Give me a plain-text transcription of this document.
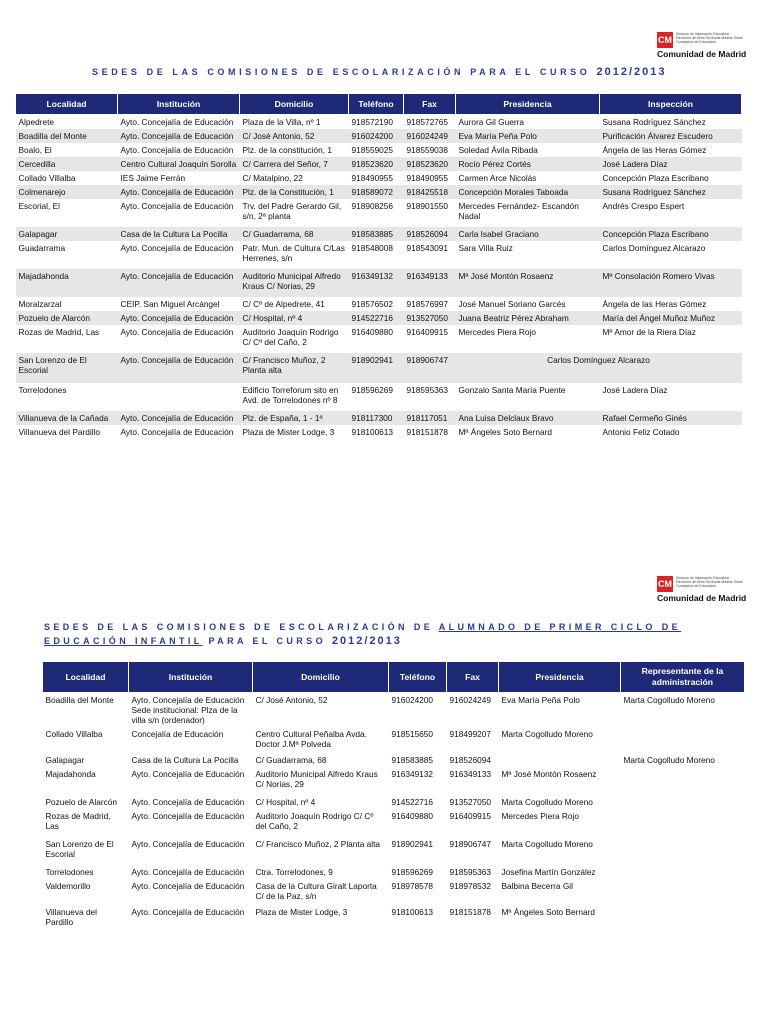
CM
Servicio de Inspección Educativa
Dirección de Área Territorial Madrid-Oeste
Consejería de Educación
Comunidad de Madrid
SEDES DE LAS COMISIONES DE ESCOLARIZACIÓN PARA EL CURSO 2012/2013
Localidad	Institución	Domicilio	Teléfono	Fax	Presidencia	Inspección
Alpedrete	Ayto. Concejalía de Educación	Plaza de la Villa, nº 1	918572190	918572765	Aurora Gil Guerra	Susana Rodríguez Sánchez
Boadilla del Monte	Ayto. Concejalía de Educación	C/ José Antonio, 52	916024200	916024249	Eva María Peña Polo	Purificación Álvarez Escudero
Boalo, El	Ayto. Concejalía de Educación	Plz. de la constitución, 1	918559025	918559038	Soledad Ávila Ribada	Ángela de las Heras Gómez
Cercedilla	Centro Cultural Joaquín Sorolla	C/ Carrera del Señor, 7	918523620	918523620	Rocío Pérez Cortés	José Ladera Díaz
Collado Villalba	IES Jaime Ferrán	C/ Matalpino, 22	918490955	918490955	Carmen Arce Nicolás	Concepción Plaza Escribano
Colmenarejo	Ayto. Concejalía de Educación	Plz. de la Constitución, 1	918589072	918425518	Concepción Morales Taboada	Susana Rodríguez Sánchez
Escorial, El	Ayto. Concejalía de Educación	Trv. del Padre Gerardo Gil, s/n, 2ª planta	918908256	918901550	Mercedes Fernández- Escandón Nadal	Andrés Crespo Espert
Galapagar	Casa de la Cultura La Pocilla	C/ Guadarrama, 68	918583885	918526094	Carla Isabel Graciano	Concepción Plaza Escribano
Guadarrama	Ayto. Concejalía de Educación	Patr. Mun. de Cultura C/Las Herrenes, s/n	918548008	918543091	Sara Villa Ruiz	Carlos Domínguez Alcarazo
Majadahonda	Ayto. Concejalía de Educación	Auditorio Municipal Alfredo Kraus C/ Norias, 29	916349132	916349133	Mª José Montón Rosaenz	Mª Consolación Romero Vivas
Moralzarzal	CEIP. San Miguel Arcángel	C/ Cº de Alpedrete, 41	918576502	918576997	José Manuel Soriano Garcés	Ángela de las Heras Gómez
Pozuelo de Alarcón	Ayto. Concejalía de Educación	C/ Hospital, nº 4	914522716	913527050	Juana Beatriz Pérez Abraham	María del Ángel Muñoz Muñoz
Rozas de Madrid, Las	Ayto. Concejalía de Educación	Auditorio Joaquín Rodrigo C/ Cº del Caño, 2	916409880	916409915	Mercedes Piera Rojo	Mª Amor de la Riera Díaz
San Lorenzo de El Escorial	Ayto. Concejalía de Educación	C/ Francisco Muñoz, 2 Planta alta	918902941	918906747	Carlos Domínguez Alcarazo	
Torrelodones		Edificio Torreforum sito en Avd. de Torrelodones nº 8	918596269	918595363	Gonzalo Santa María Puente	José Ladera Díaz
Villanueva de la Cañada	Ayto. Concejalía de Educación	Plz. de España, 1 - 1ª	918117300	918117051	Ana Luisa Delclaux Bravo	Rafael Cermeño Ginés
Villanueva del Pardillo	Ayto. Concejalía de Educación	Plaza de Mister Lodge, 3	918100613	918151878	Mª Ángeles Soto Bernard	Antonio Feliz Cotado
CM
Servicio de Inspección Educativa
Dirección de Área Territorial Madrid-Oeste
Consejería de Educación
Comunidad de Madrid
SEDES DE LAS COMISIONES DE ESCOLARIZACIÓN DE ALUMNADO DE PRIMER CICLO DE EDUCACIÓN INFANTIL PARA EL CURSO 2012/2013
Localidad	Institución	Domicilio	Teléfono	Fax	Presidencia	Representante de la administración
Boadilla del Monte	Ayto. Concejalía de Educación Sede institucional: Plza de la villa s/n (ordenador)	C/ José Antonio, 52	916024200	916024249	Eva María Peña Polo	Marta Cogolludo Moreno
Collado Villalba	Concejalía de Educación	Centro Cultural Peñalba Avda. Doctor J.Mª Polveda	918515650	918499207	Marta Cogolludo Moreno	
Galapagar	Casa de la Cultura La Pocilla	C/ Guadarrama, 68	918583885	918526094		Marta Cogolludo Moreno
Majadahonda	Ayto. Concejalía de Educación	Auditorio Municipal Alfredo Kraus C/ Norias, 29	916349132	916349133	Mª José Montón Rosaenz	
Pozuelo de Alarcón	Ayto. Concejalía de Educación	C/ Hospital, nº 4	914522716	913527050	Marta Cogolludo Moreno	
Rozas de Madrid, Las	Ayto. Concejalía de Educación	Auditorio Joaquín Rodrigo C/ Cº del Caño, 2	916409880	916409915	Mercedes Piera Rojo	
San Lorenzo de El Escorial	Ayto. Concejalía de Educación	C/ Francisco Muñoz, 2 Planta alta	918902941	918906747	Marta Cogolludo Moreno	
Torrelodones	Ayto. Concejalía de Educación	Ctra. Torrelodones, 9	918596269	918595363	Josefina Martín González	
Valdemorillo	Ayto. Concejalía de Educación	Casa de la Cultura Giralt Laporta C/ de la Paz, s/n	918978578	918978532	Balbina Becerra Gil	
Villanueva del Pardillo	Ayto. Concejalía de Educación	Plaza de Mister Lodge, 3	918100613	918151878	Mª Ángeles Soto Bernard	
